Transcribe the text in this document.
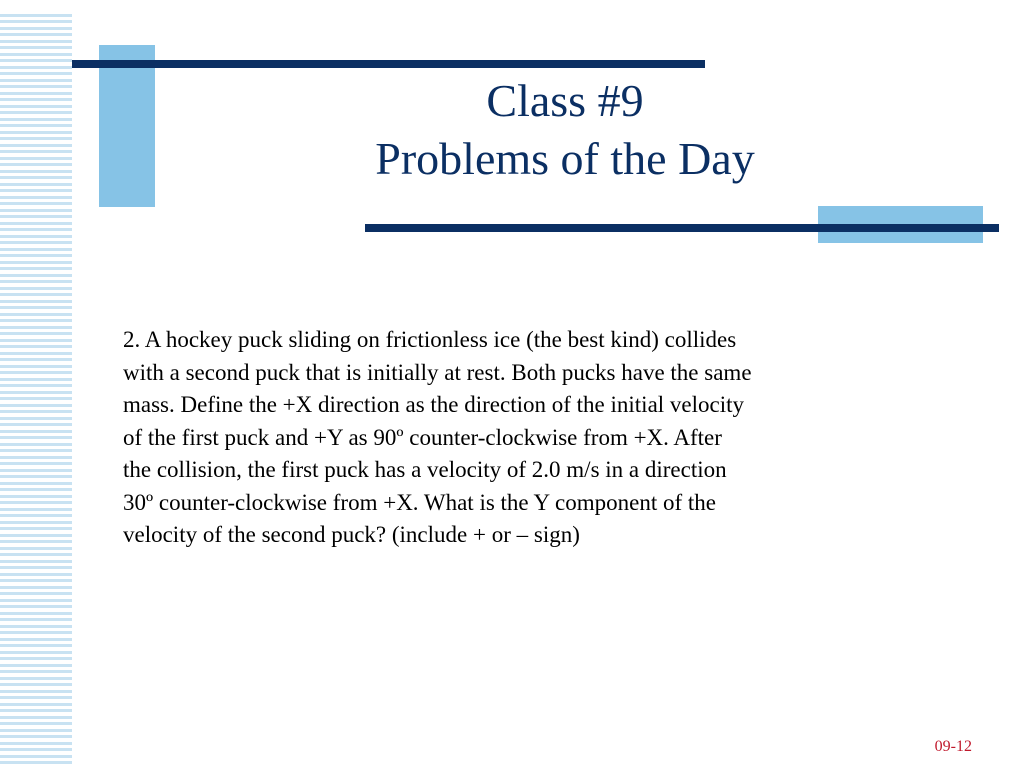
Class #9
Problems of the Day
2. A hockey puck sliding on frictionless ice (the best kind) collides
with a second puck that is initially at rest. Both pucks have the same
mass. Define the +X direction as the direction of the initial velocity
of the first puck and +Y as 90º counter-clockwise from +X. After
the collision, the first puck has a velocity of 2.0 m/s in a direction
30º counter-clockwise from +X. What is the Y component of the
velocity of the second puck? (include + or – sign)
09-12
